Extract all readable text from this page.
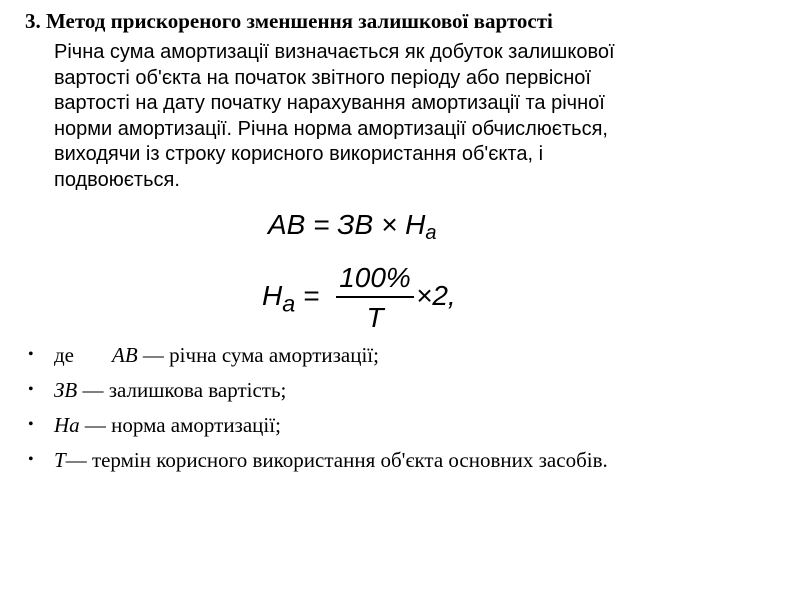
3. Метод прискореного зменшення залишкової вартості
Річна сума амортизації визначається як добуток залишкової
вартості об'єкта на початок звітного періоду або первісної
вартості на дату початку нарахування амортизації та річної
норми амортизації. Річна норма амортизації обчислюється,
виходячи із строку корисного використання об'єкта, і
подвоюється.
АВ = ЗВ × $Н_а$
$Н_а$ =
100%
Т
×2,
• де АВ — річна сума амортизації;
• ЗВ — залишкова вартість;
• На — норма амортизації;
• Т— термін корисного використання об'єкта основних засобів.
